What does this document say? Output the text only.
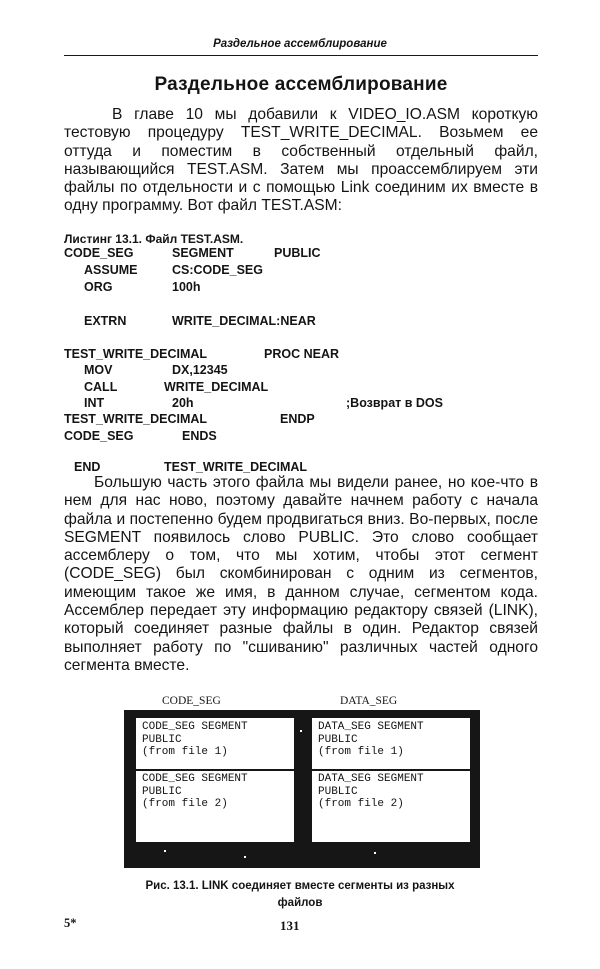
Раздельное ассемблирование
Раздельное ассемблирование

В главе 10 мы добавили к VIDEO_IO.ASM короткую тестовую процедуру TEST_WRITE_DECIMAL. Возьмем ее оттуда и поместим в собственный отдельный файл, называющийся TEST.ASM. Затем мы проассемблируем эти файлы по отдельности и с помощью Link соединим их вместе в одну программу. Вот файл TEST.ASM:

Листинг 13.1. Файл TEST.ASM.
CODE_SEG	SEGMENT	PUBLIC
ASSUME	CS:CODE_SEG
ORG	100h
EXTRN	WRITE_DECIMAL:NEAR
TEST_WRITE_DECIMAL	PROC NEAR
MOV	DX,12345
CALL	WRITE_DECIMAL
INT	20h	;Возврат в DOS
TEST_WRITE_DECIMAL	ENDP
CODE_SEG	ENDS
END	TEST_WRITE_DECIMAL

Большую часть этого файла мы видели ранее, но кое-что в нем для нас ново, поэтому давайте начнем работу с начала файла и постепенно будем продвигаться вниз. Во-первых, после SEGMENT появилось слово PUBLIC. Это слово сообщает ассемблеру о том, что мы хотим, чтобы этот сегмент (CODE_SEG) был скомбинирован с одним из сегментов, имеющим такое же имя, в данном случае, сегментом кода. Ассемблер передает эту информацию редактору связей (LINK), который соединяет разные файлы в один. Редактор связей выполняет работу по "сшиванию" различных частей одного сегмента вместе.

CODE_SEG	DATA_SEG
CODE_SEG SEGMENT
PUBLIC
(from file 1)
DATA_SEG SEGMENT
PUBLIC
(from file 1)
CODE_SEG SEGMENT
PUBLIC
(from file 2)
DATA_SEG SEGMENT
PUBLIC
(from file 2)
Рис. 13.1. LINK соединяет вместе сегменты из разных
файлов
5*	131
